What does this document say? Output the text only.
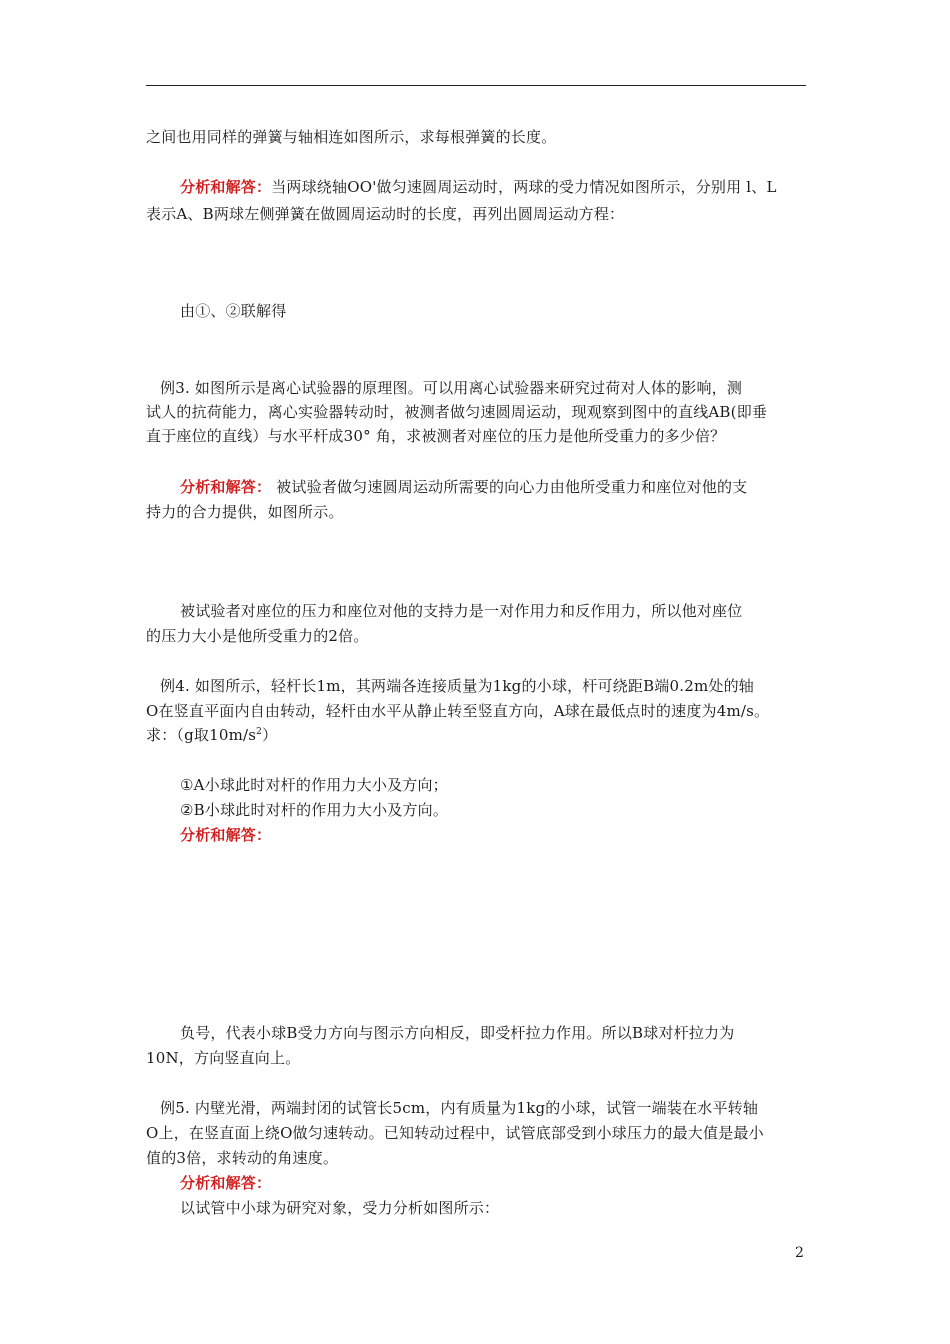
之间也用同样的弹簧与轴相连如图所示，求每根弹簧的长度。
分析和解答：当两球绕轴OO'做匀速圆周运动时，两球的受力情况如图所示，分别用 l、L
表示A、B两球左侧弹簧在做圆周运动时的长度，再列出圆周运动方程：
由①、②联解得
例3. 如图所示是离心试验器的原理图。可以用离心试验器来研究过荷对人体的影响，测
试人的抗荷能力，离心实验器转动时，被测者做匀速圆周运动，现观察到图中的直线AB(即垂
直于座位的直线）与水平杆成30° 角，求被测者对座位的压力是他所受重力的多少倍？
分析和解答： 被试验者做匀速圆周运动所需要的向心力由他所受重力和座位对他的支
持力的合力提供，如图所示。
被试验者对座位的压力和座位对他的支持力是一对作用力和反作用力，所以他对座位
的压力大小是他所受重力的2倍。
例4. 如图所示，轻杆长1m，其两端各连接质量为1kg的小球，杆可绕距B端0.2m处的轴
O在竖直平面内自由转动，轻杆由水平从静止转至竖直方向，A球在最低点时的速度为4m/s。
求：（g取$10m/s^2$）
①A小球此时对杆的作用力大小及方向；
②B小球此时对杆的作用力大小及方向。
分析和解答：
负号，代表小球B受力方向与图示方向相反，即受杆拉力作用。所以B球对杆拉力为
10N，方向竖直向上。
例5. 内壁光滑，两端封闭的试管长5cm，内有质量为1kg的小球，试管一端装在水平转轴
O上，在竖直面上绕O做匀速转动。已知转动过程中，试管底部受到小球压力的最大值是最小
值的3倍，求转动的角速度。
分析和解答：
以试管中小球为研究对象，受力分析如图所示：
2
